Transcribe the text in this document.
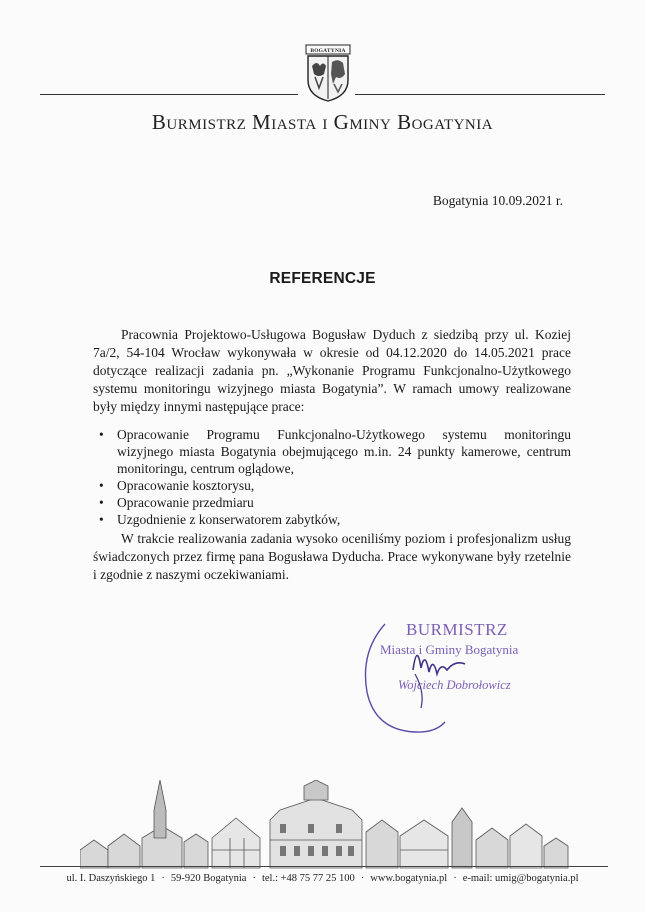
BOGATYNIA
Burmistrz Miasta i Gminy Bogatynia
Bogatynia 10.09.2021 r.
REFERENCJE

Pracownia Projektowo-Usługowa Bogusław Dyduch z siedzibą przy ul. Koziej 7a/2, 54-104 Wrocław wykonywała w okresie od 04.12.2020 do 14.05.2021 prace dotyczące realizacji zadania pn. „Wykonanie Programu Funkcjonalno-Użytkowego systemu monitoringu wizyjnego miasta Bogatynia”. W ramach umowy realizowane były między innymi następujące prace:

• Opracowanie Programu Funkcjonalno-Użytkowego systemu monitoringu wizyjnego miasta Bogatynia obejmującego m.in. 24 punkty kamerowe, centrum monitoringu, centrum oglądowe,
• Opracowanie kosztorysu,
• Opracowanie przedmiaru
• Uzgodnienie z konserwatorem zabytków,

W trakcie realizowania zadania wysoko oceniliśmy poziom i profesjonalizm usług świadczonych przez firmę pana Bogusława Dyducha. Prace wykonywane były rzetelnie i zgodnie z naszymi oczekiwaniami.

BURMISTRZ
Miasta i Gminy Bogatynia
Wojciech Dobrołowicz
ul. I. Daszyńskiego 1 · 59-920 Bogatynia · tel.: +48 75 77 25 100 · www.bogatynia.pl · e-mail: umig@bogatynia.pl
